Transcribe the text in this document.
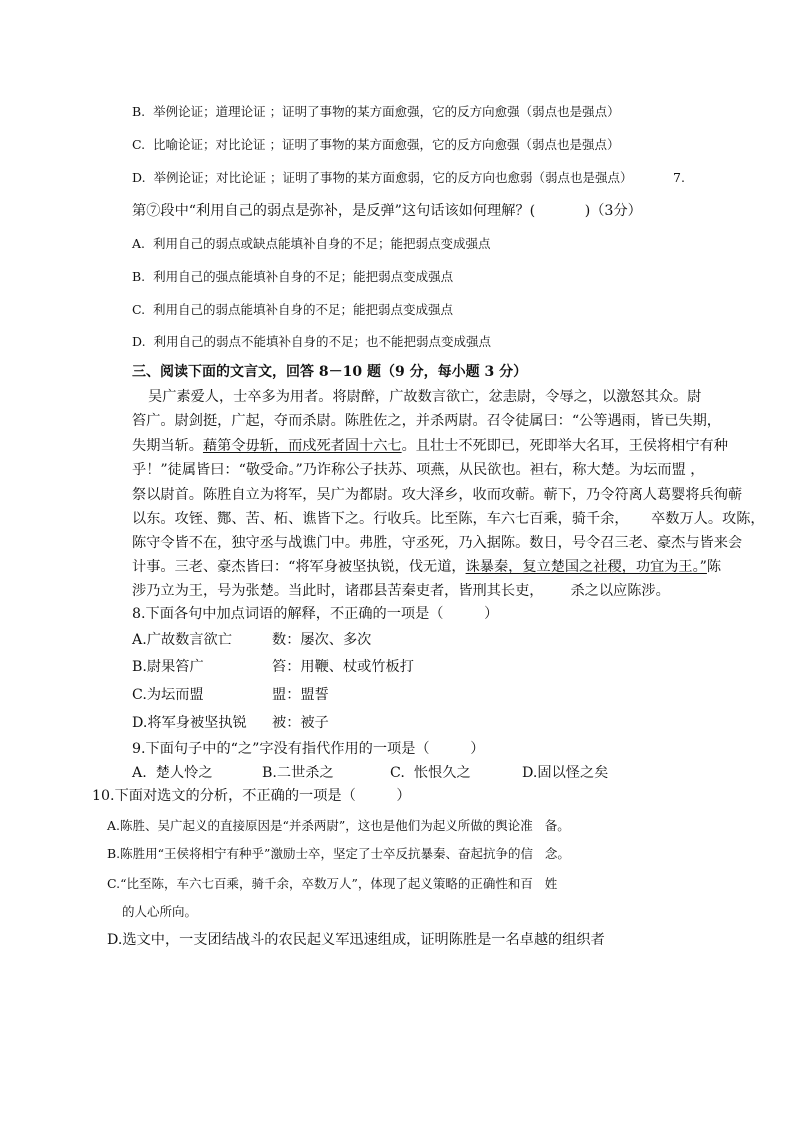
B.  举例论证；道理论证 ；证明了事物的某方面愈强，它的反方向愈强（弱点也是强点）
C.  比喻论证；对比论证 ；证明了事物的某方面愈强，它的反方向愈强（弱点也是强点）
D.  举例论证；对比论证 ；证明了事物的某方面愈弱，它的反方向也愈弱（弱点也是强点）	7.
第⑦段中“利用自己的弱点是弥补，是反弹”这句话该如何理解？(           )（3分）
A.  利用自己的弱点或缺点能填补自身的不足；能把弱点变成强点
B.  利用自己的强点能填补自身的不足；能把弱点变成强点
C.  利用自己的弱点能填补自身的不足；能把弱点变成强点
D.  利用自己的弱点不能填补自身的不足；也不能把弱点变成强点
三、阅读下面的文言文，回答 8－10 题（9 分，每小题 3 分）
吴广素爱人，士卒多为用者。将尉醉，广故数言欲亡，忿恚尉，令辱之，以激怒其众。尉
笞广。尉剑挺，广起，夺而杀尉。陈胜佐之，并杀两尉。召令徒属曰：“公等遇雨，皆已失期，
失期当斩。藉第令毋斩，而戍死者固十六七。且壮士不死即已，死即举大名耳，王侯将相宁有种
乎！”徒属皆曰：“敬受命。”乃诈称公子扶苏、项燕，从民欲也。袒右，称大楚。为坛而盟 ，
祭以尉首。陈胜自立为将军，吴广为都尉。攻大泽乡，收而攻蕲。蕲下，乃令符离人葛婴将兵徇蕲
以东。攻铚、酂、苦、柘、谯皆下之。行收兵。比至陈，车六七百乘，骑千余，     卒数万人。攻陈，
陈守令皆不在，独守丞与战谯门中。弗胜，守丞死，乃入据陈。数日，号令召三老、豪杰与皆来会
计事。三老、豪杰皆曰：“将军身被坚执锐，伐无道，诛暴秦，复立楚国之社稷，功宜为王。”陈
涉乃立为王，号为张楚。当此时，诸郡县苦秦吏者，皆刑其长吏，      杀之以应陈涉。
8.下面各句中加点词语的解释，不正确的一项是（         ）
A.广故数言欲亡	数：屡次、多次
B.尉果笞广	笞：用鞭、杖或竹板打
C.为坛而盟	盟：盟誓
D.将军身被坚执锐 被：被子
9.下面句子中的“之”字没有指代作用的一项是（         ）
A.  楚人怜之	B.二世杀之	C.  怅恨久之	D.固以怪之矣
10.下面对选文的分析，不正确的一项是（         ）
A.陈胜、吴广起义的直接原因是“并杀两尉”，这也是他们为起义所做的舆论准   备。
B.陈胜用“王侯将相宁有种乎”激励士卒，坚定了士卒反抗暴秦、奋起抗争的信   念。
C.“比至陈，车六七百乘，骑千余，卒数万人”，体现了起义策略的正确性和百   姓
的人心所向。
D.选文中，一支团结战斗的农民起义军迅速组成，证明陈胜是一名卓越的组织者
